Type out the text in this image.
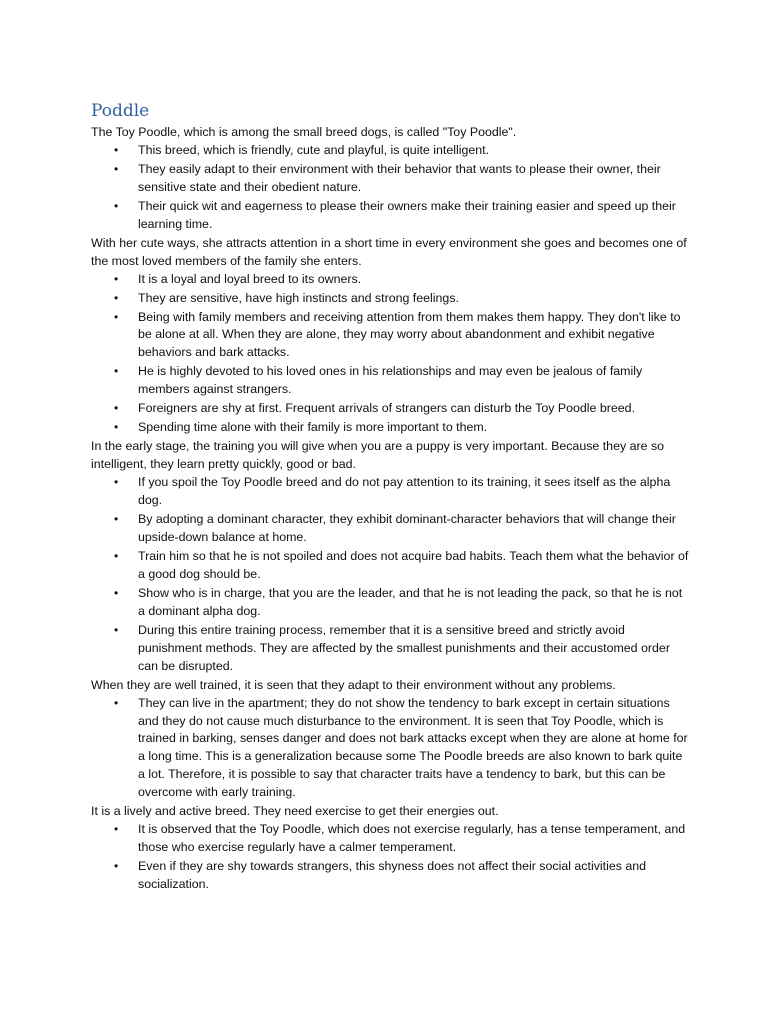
Poddle

The Toy Poodle, which is among the small breed dogs, is called "Toy Poodle".

• This breed, which is friendly, cute and playful, is quite intelligent.
• They easily adapt to their environment with their behavior that wants to please their owner, their sensitive state and their obedient nature.
• Their quick wit and eagerness to please their owners make their training easier and speed up their learning time.

With her cute ways, she attracts attention in a short time in every environment she goes and becomes one of the most loved members of the family she enters.

• It is a loyal and loyal breed to its owners.
• They are sensitive, have high instincts and strong feelings.
• Being with family members and receiving attention from them makes them happy. They don't like to be alone at all. When they are alone, they may worry about abandonment and exhibit negative behaviors and bark attacks.
• He is highly devoted to his loved ones in his relationships and may even be jealous of family members against strangers.
• Foreigners are shy at first. Frequent arrivals of strangers can disturb the Toy Poodle breed.
• Spending time alone with their family is more important to them.

In the early stage, the training you will give when you are a puppy is very important. Because they are so intelligent, they learn pretty quickly, good or bad.

• If you spoil the Toy Poodle breed and do not pay attention to its training, it sees itself as the alpha dog.
• By adopting a dominant character, they exhibit dominant-character behaviors that will change their upside-down balance at home.
• Train him so that he is not spoiled and does not acquire bad habits. Teach them what the behavior of a good dog should be.
• Show who is in charge, that you are the leader, and that he is not leading the pack, so that he is not a dominant alpha dog.
• During this entire training process, remember that it is a sensitive breed and strictly avoid punishment methods. They are affected by the smallest punishments and their accustomed order can be disrupted.

When they are well trained, it is seen that they adapt to their environment without any problems.

• They can live in the apartment; they do not show the tendency to bark except in certain situations and they do not cause much disturbance to the environment. It is seen that Toy Poodle, which is trained in barking, senses danger and does not bark attacks except when they are alone at home for a long time. This is a generalization because some The Poodle breeds are also known to bark quite a lot. Therefore, it is possible to say that character traits have a tendency to bark, but this can be overcome with early training.

It is a lively and active breed. They need exercise to get their energies out.

• It is observed that the Toy Poodle, which does not exercise regularly, has a tense temperament, and those who exercise regularly have a calmer temperament.
• Even if they are shy towards strangers, this shyness does not affect their social activities and socialization.
